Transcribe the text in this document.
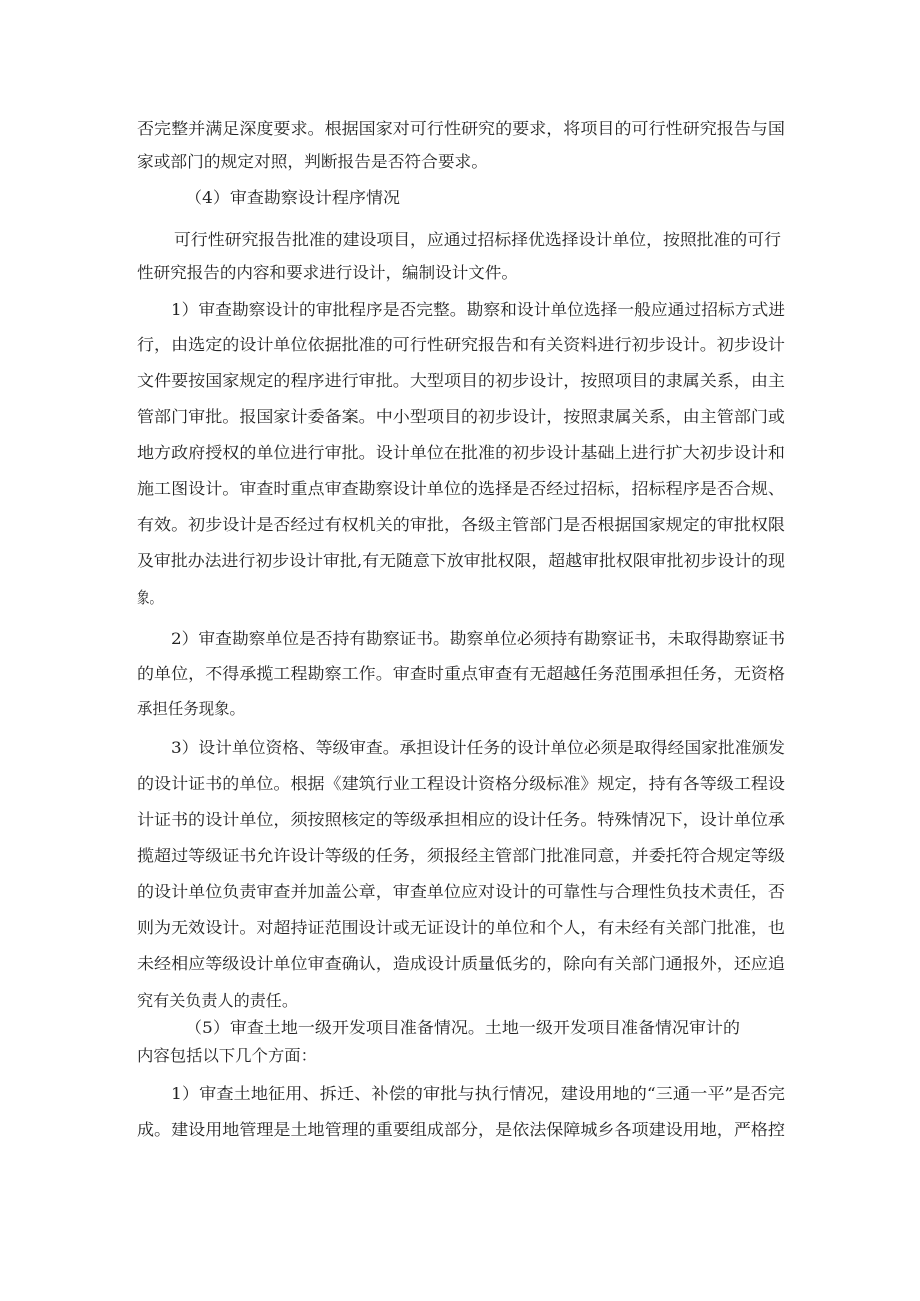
否完整并满足深度要求。根据国家对可行性研究的要求，将项目的可行性研究报告与国
家或部门的规定对照，判断报告是否符合要求。
（4）审查勘察设计程序情况
可行性研究报告批准的建设项目，应通过招标择优选择设计单位，按照批准的可行
性研究报告的内容和要求进行设计，编制设计文件。
1）审查勘察设计的审批程序是否完整。勘察和设计单位选择一般应通过招标方式进
行，由选定的设计单位依据批准的可行性研究报告和有关资料进行初步设计。初步设计
文件要按国家规定的程序进行审批。大型项目的初步设计，按照项目的隶属关系，由主
管部门审批。报国家计委备案。中小型项目的初步设计，按照隶属关系，由主管部门或
地方政府授权的单位进行审批。设计单位在批准的初步设计基础上进行扩大初步设计和
施工图设计。审查时重点审查勘察设计单位的选择是否经过招标，招标程序是否合规、
有效。初步设计是否经过有权机关的审批，各级主管部门是否根据国家规定的审批权限
及审批办法进行初步设计审批,有无随意下放审批权限，超越审批权限审批初步设计的现
象。
2）审查勘察单位是否持有勘察证书。勘察单位必须持有勘察证书，未取得勘察证书
的单位，不得承揽工程勘察工作。审查时重点审查有无超越任务范围承担任务，无资格
承担任务现象。
3）设计单位资格、等级审查。承担设计任务的设计单位必须是取得经国家批准颁发
的设计证书的单位。根据《建筑行业工程设计资格分级标准》规定，持有各等级工程设
计证书的设计单位，须按照核定的等级承担相应的设计任务。特殊情况下，设计单位承
揽超过等级证书允许设计等级的任务，须报经主管部门批准同意，并委托符合规定等级
的设计单位负责审查并加盖公章，审查单位应对设计的可靠性与合理性负技术责任，否
则为无效设计。对超持证范围设计或无证设计的单位和个人，有未经有关部门批准，也
未经相应等级设计单位审查确认，造成设计质量低劣的，除向有关部门通报外，还应追
究有关负责人的责任。
（5）审查土地一级开发项目准备情况。土地一级开发项目准备情况审计的
内容包括以下几个方面：
1）审查土地征用、拆迁、补偿的审批与执行情况，建设用地的“三通一平”是否完
成。建设用地管理是土地管理的重要组成部分，是依法保障城乡各项建设用地，严格控
